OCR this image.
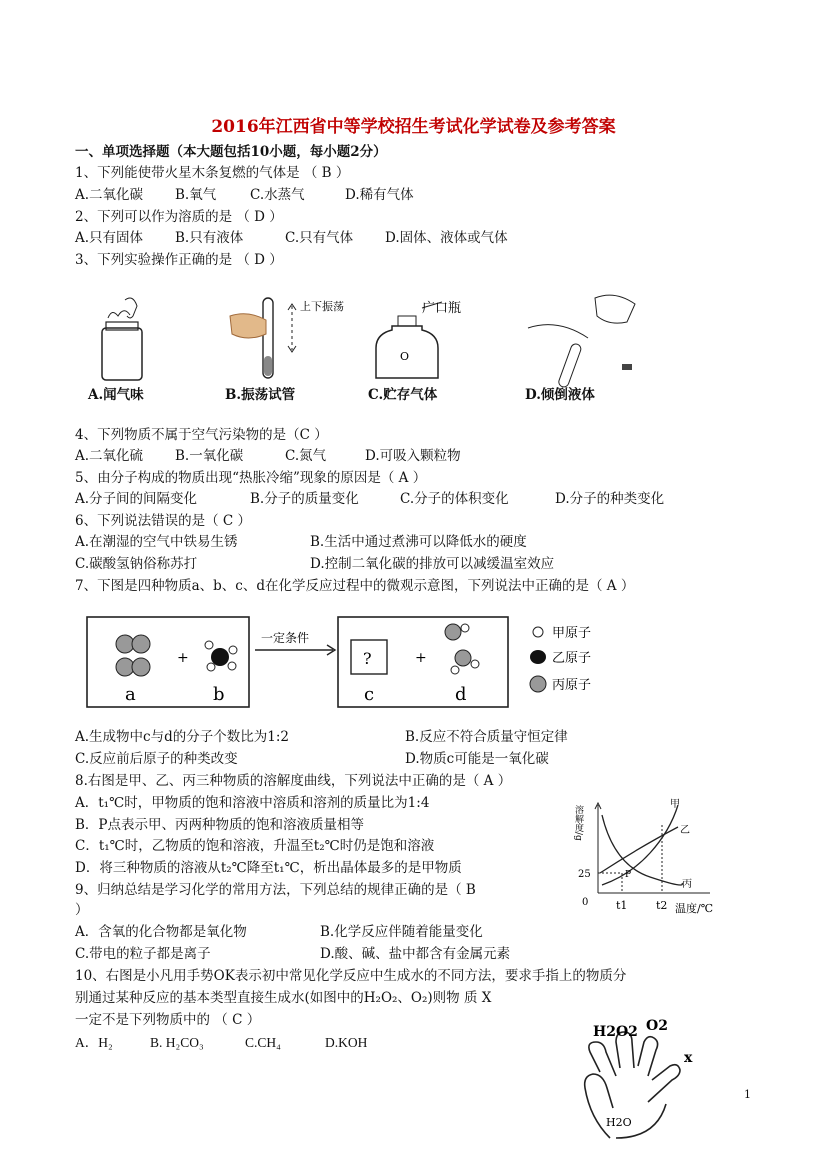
2016年江西省中等学校招生考试化学试卷及参考答案
一、单项选择题（本大题包括10小题，每小题2分）
1、下列能使带火星木条复燃的气体是 （ B ）
A.二氧化碳 B.氧气	C.水蒸气	D.稀有气体
2、下列可以作为溶质的是 （ D ）
A.只有固体 B.只有液体	C.只有气体 D.固体、液体或气体
3、下列实验操作正确的是 （ D ）
上下振荡
O
广口瓶
A.闻气味	B.振荡试管	C.贮存气体	D.倾倒液体
4、下列物质不属于空气污染物的是（C ）
A.二氧化硫 B.一氧化碳	C.氮气	D.可吸入颗粒物
5、由分子构成的物质出现“热胀冷缩”现象的原因是（ A ）
A.分子间的间隔变化	B.分子的质量变化	C.分子的体积变化	D.分子的种类变化
6、下列说法错误的是（ C ）
A.在潮湿的空气中铁易生锈	B.生活中通过煮沸可以降低水的硬度
C.碳酸氢钠俗称苏打	D.控制二氧化碳的排放可以减缓温室效应
7、下图是四种物质a、b、c、d在化学反应过程中的微观示意图，下列说法中正确的是（ A ）
+
a	b
一定条件
?	+
c	d
甲原子
乙原子
丙原子
A.生成物中c与d的分子个数比为1:2	B.反应不符合质量守恒定律
C.反应前后原子的种类改变	D.物质c可能是一氧化碳
8.右图是甲、乙、丙三种物质的溶解度曲线，下列说法中正确的是（ A ）
A．t₁℃时，甲物质的饱和溶液中溶质和溶剂的质量比为1:4
B．P点表示甲、丙两种物质的饱和溶液质量相等
C．t₁℃时，乙物质的饱和溶液，升温至t₂℃时仍是饱和溶液
D．将三种物质的溶液从t₂℃降至t₁℃，析出晶体最多的是甲物质
溶解度/g
0
25	P
甲
乙
丙
t1	t2 温度/℃
9、归纳总结是学习化学的常用方法，下列总结的规律正确的是（ B
）
A．含氧的化合物都是氧化物	B.化学反应伴随着能量变化
C.带电的粒子都是离子	D.酸、碱、盐中都含有金属元素
10、右图是小凡用手势OK表示初中常见化学反应中生成水的不同方法，要求手指上的物质分
别通过某种反应的基本类型直接生成水(如图中的H₂O₂、O₂)则物 质 X
一定不是下列物质中的 （ C ）
A．H₂	B. H₂CO₃	C.CH₄	D.KOH
H2O2 O2
x
H2O
1
